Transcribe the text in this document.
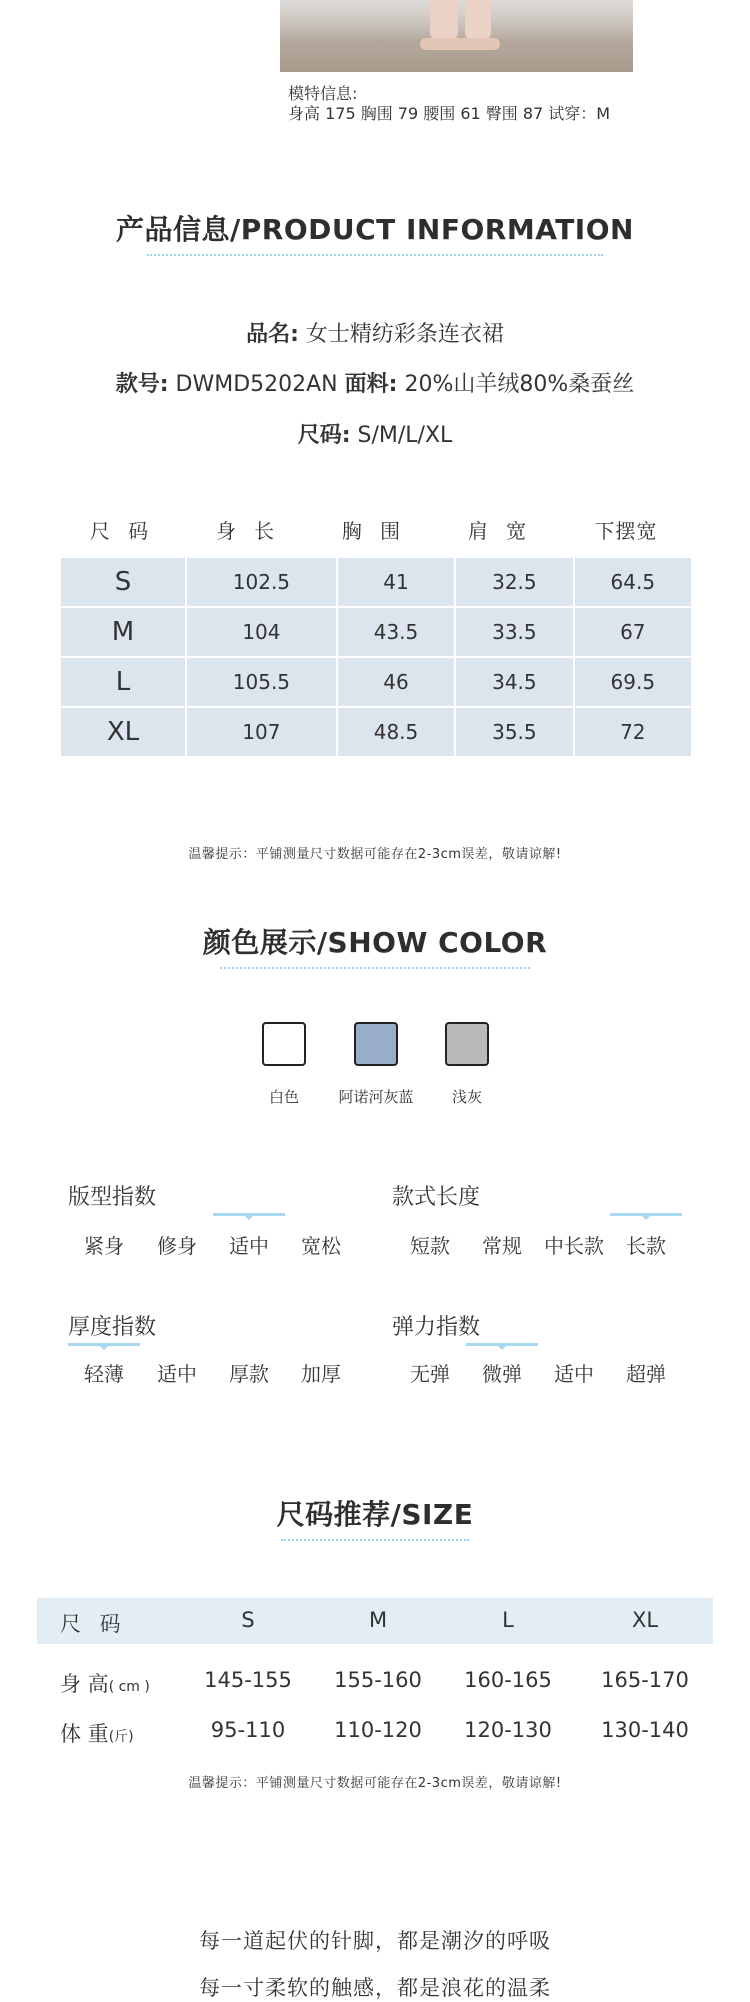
模特信息:
身高 175 胸围 79 腰围 61 臀围 87 试穿：M
产品信息/PRODUCT INFORMATION
品名: 女士精纺彩条连衣裙
款号: DWMD5202AN 面料: 20%山羊绒80%桑蚕丝
尺码: S/M/L/XL
尺 码	身 长	胸 围	肩 宽	下摆宽
S	102.5	41	32.5	64.5
M	104	43.5	33.5	67
L	105.5	46	34.5	69.5
XL	107	48.5	35.5	72
温馨提示：平铺测量尺寸数据可能存在2-3cm误差，敬请谅解!
颜色展示/SHOW COLOR
白色	阿诺河灰蓝	浅灰
版型指数
紧身	修身	适中	宽松
款式长度
短款	常规	中长款	长款
厚度指数
轻薄	适中	厚款	加厚
弹力指数
无弹	微弹	适中	超弹
尺码推荐/SIZE
尺 码	S	M	L	XL
身 高( cm )	145-155	155-160	160-165	165-170
体 重(斤)	95-110	110-120	120-130	130-140
温馨提示：平铺测量尺寸数据可能存在2-3cm误差，敬请谅解!
每一道起伏的针脚，都是潮汐的呼吸
每一寸柔软的触感，都是浪花的温柔
